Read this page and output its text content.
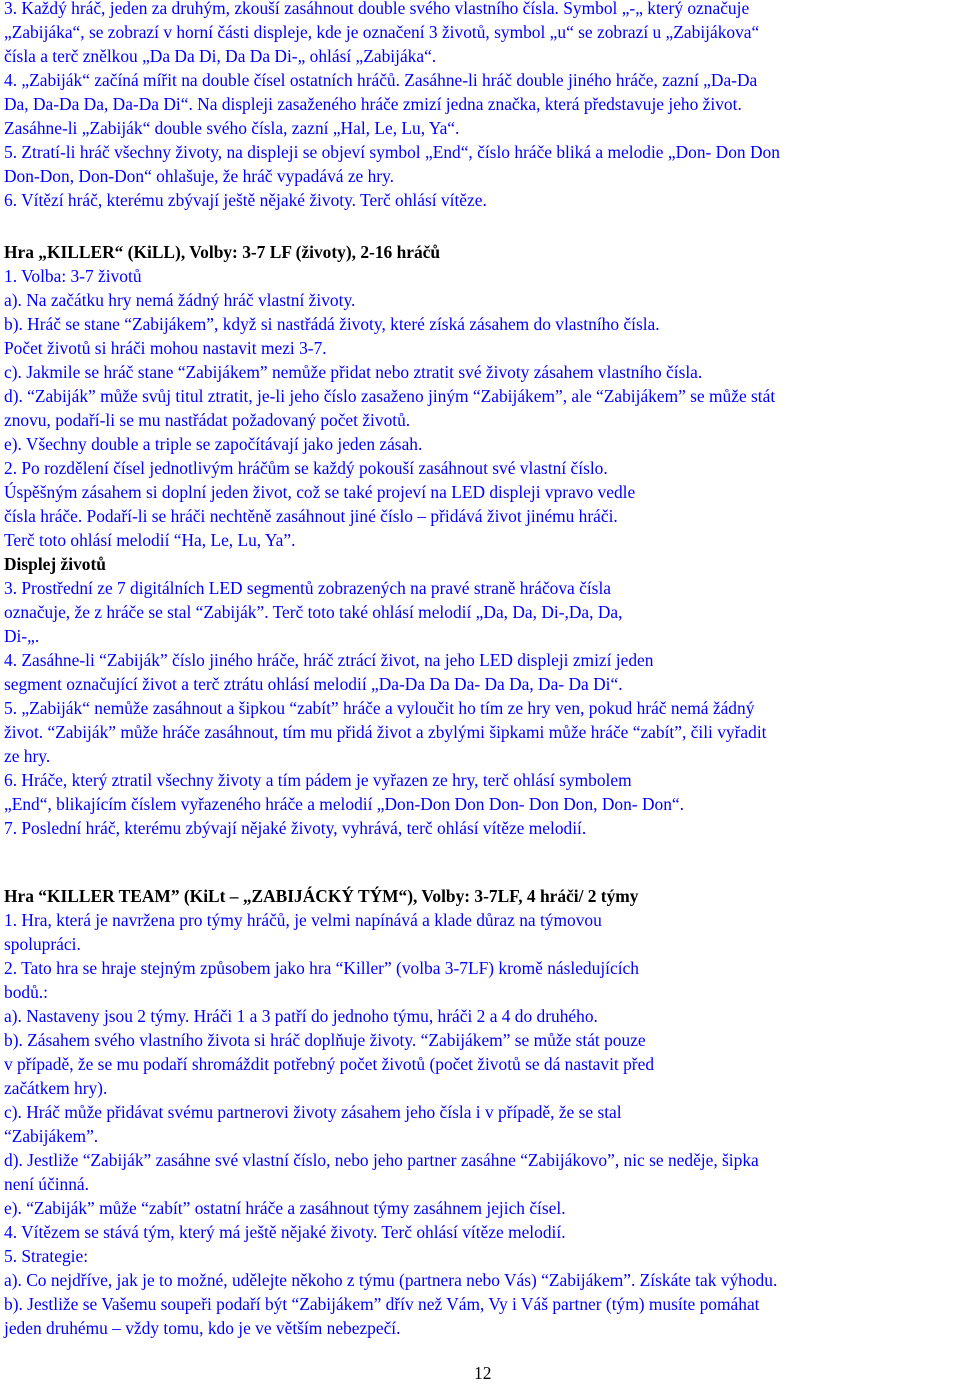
3. Každý hráč, jeden za druhým, zkouší zasáhnout double svého vlastního čísla. Symbol „-„ který označuje

„Zabijáka“, se zobrazí v horní části displeje, kde je označení 3 životů, symbol „u“ se zobrazí u „Zabijákova“

čísla a terč znělkou „Da Da Di, Da Da Di-„ ohlásí „Zabijáka“.

4. „Zabiják“ začíná mířit na double čísel ostatních hráčů. Zasáhne-li hráč double jiného hráče, zazní „Da-Da

Da, Da-Da Da, Da-Da Di“. Na displeji zasaženého hráče zmizí jedna značka, která představuje jeho život.

Zasáhne-li „Zabiják“ double svého čísla, zazní „Hal, Le, Lu, Ya“.

5. Ztratí-li hráč všechny životy, na displeji se objeví symbol „End“, číslo hráče bliká a melodie „Don- Don Don

Don-Don, Don-Don“ ohlašuje, že hráč vypadává ze hry.

6. Vítězí hráč, kterému zbývají ještě nějaké životy. Terč ohlásí vítěze.

Hra „KILLER“ (KiLL), Volby: 3-7 LF (životy), 2-16 hráčů

1. Volba: 3-7 životů

a). Na začátku hry nemá žádný hráč vlastní životy.

b). Hráč se stane “Zabijákem”, když si nastřádá životy, které získá zásahem do vlastního čísla.

Počet životů si hráči mohou nastavit mezi 3-7.

c). Jakmile se hráč stane “Zabijákem” nemůže přidat nebo ztratit své životy zásahem vlastního čísla.

d). “Zabiják” může svůj titul ztratit, je-li jeho číslo zasaženo jiným “Zabijákem”, ale “Zabijákem” se může stát

znovu, podaří-li se mu nastřádat požadovaný počet životů.

e). Všechny double a triple se započítávají jako jeden zásah.

2. Po rozdělení čísel jednotlivým hráčům se každý pokouší zasáhnout své vlastní číslo.

Úspěšným zásahem si doplní jeden život, což se také projeví na LED displeji vpravo vedle

čísla hráče. Podaří-li se hráči nechtěně zasáhnout jiné číslo – přidává život jinému hráči.

Terč toto ohlásí melodií “Ha, Le, Lu, Ya”.

Displej životů

3. Prostřední ze 7 digitálních LED segmentů zobrazených na pravé straně hráčova čísla

označuje, že z hráče se stal “Zabiják”. Terč toto také ohlásí melodií „Da, Da, Di-,Da, Da,

Di-„.

4. Zasáhne-li “Zabiják” číslo jiného hráče, hráč ztrácí život, na jeho LED displeji zmizí jeden

segment označující život a terč ztrátu ohlásí melodií „Da-Da Da Da- Da Da, Da- Da Di“.

5. „Zabiják“ nemůže zasáhnout a šipkou “zabít” hráče a vyloučit ho tím ze hry ven, pokud hráč nemá žádný

život. “Zabiják” může hráče zasáhnout, tím mu přidá život a zbylými šipkami může hráče “zabít”, čili vyřadit

ze hry.

6. Hráče, který ztratil všechny životy a tím pádem je vyřazen ze hry, terč ohlásí symbolem

„End“, blikajícím číslem vyřazeného hráče a melodií „Don-Don Don Don- Don Don, Don- Don“.

7. Poslední hráč, kterému zbývají nějaké životy, vyhrává, terč ohlásí vítěze melodií.

Hra “KILLER TEAM” (KiLt – „ZABIJÁCKÝ TÝM“), Volby: 3-7LF, 4 hráči/ 2 týmy

1. Hra, která je navržena pro týmy hráčů, je velmi napínává a klade důraz na týmovou

spolupráci.

2. Tato hra se hraje stejným způsobem jako hra “Killer” (volba 3-7LF) kromě následujících

bodů.:

a). Nastaveny jsou 2 týmy. Hráči 1 a 3 patří do jednoho týmu, hráči 2 a 4 do druhého.

b). Zásahem svého vlastního života si hráč doplňuje životy. “Zabijákem” se může stát pouze

v případě, že se mu podaří shromáždit potřebný počet životů (počet životů se dá nastavit před

začátkem hry).

c). Hráč může přidávat svému partnerovi životy zásahem jeho čísla i v případě, že se stal

“Zabijákem”.

d). Jestliže “Zabiják” zasáhne své vlastní číslo, nebo jeho partner zasáhne “Zabijákovo”, nic se neděje, šipka

není účinná.

e). “Zabiják” může “zabít” ostatní hráče a zasáhnout týmy zasáhnem jejich čísel.

4. Vítězem se stává tým, který má ještě nějaké životy. Terč ohlásí vítěze melodií.

5. Strategie:

a). Co nejdříve, jak je to možné, udělejte někoho z týmu (partnera nebo Vás) “Zabijákem”. Získáte tak výhodu.

b). Jestliže se Vašemu soupeři podaří být “Zabijákem” dřív než Vám, Vy i Váš partner (tým) musíte pomáhat

jeden druhému – vždy tomu, kdo je ve větším nebezpečí.

12
